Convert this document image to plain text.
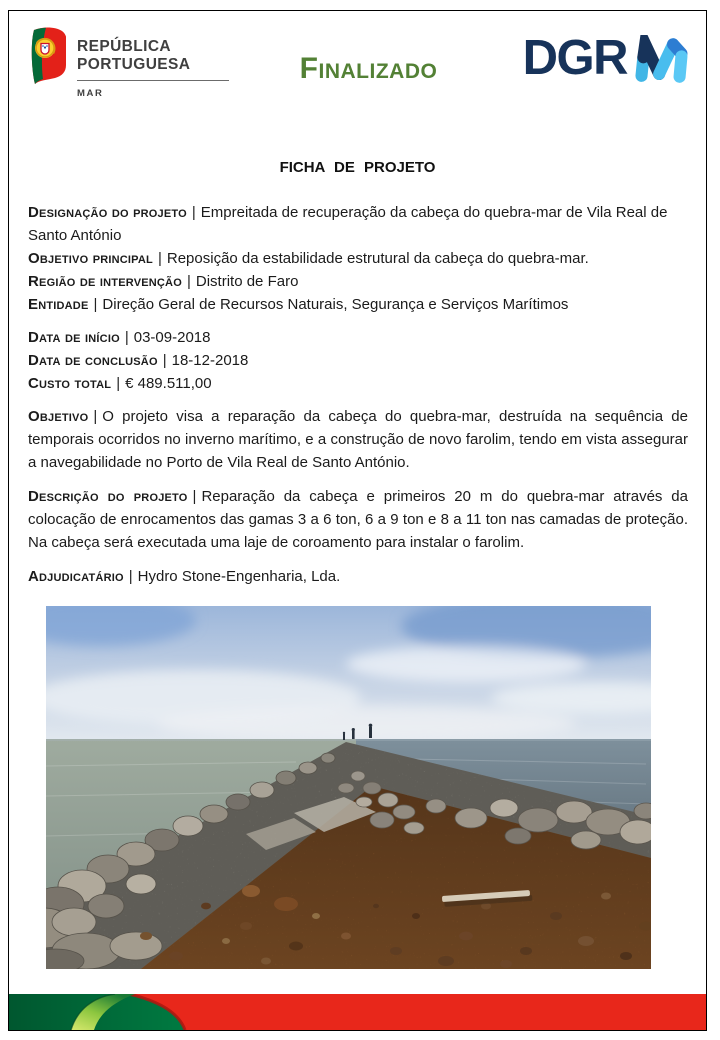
REPÚBLICA
PORTUGUESA
MAR
Finalizado	DGR
FICHA DE PROJETO
Designação do projeto | Empreitada de recuperação da cabeça do quebra-mar de Vila Real de Santo António
Objetivo principal | Reposição da estabilidade estrutural da cabeça do quebra-mar.
Região de intervenção | Distrito de Faro
Entidade | Direção Geral de Recursos Naturais, Segurança e Serviços Marítimos
Data de início | 03-09-2018
Data de conclusão | 18-12-2018
Custo total | € 489.511,00

Objetivo | O projeto visa a reparação da cabeça do quebra-mar, destruída na sequência de temporais ocorridos no inverno marítimo, e a construção de novo farolim, tendo em vista assegurar a navegabilidade no Porto de Vila Real de Santo António.

Descrição do projeto | Reparação da cabeça e primeiros 20 m do quebra-mar através da colocação de enrocamentos das gamas 3 a 6 ton, 6 a 9 ton e 8 a 11 ton nas camadas de proteção. Na cabeça será executada uma laje de coroamento para instalar o farolim.

Adjudicatário | Hydro Stone-Engenharia, Lda.
